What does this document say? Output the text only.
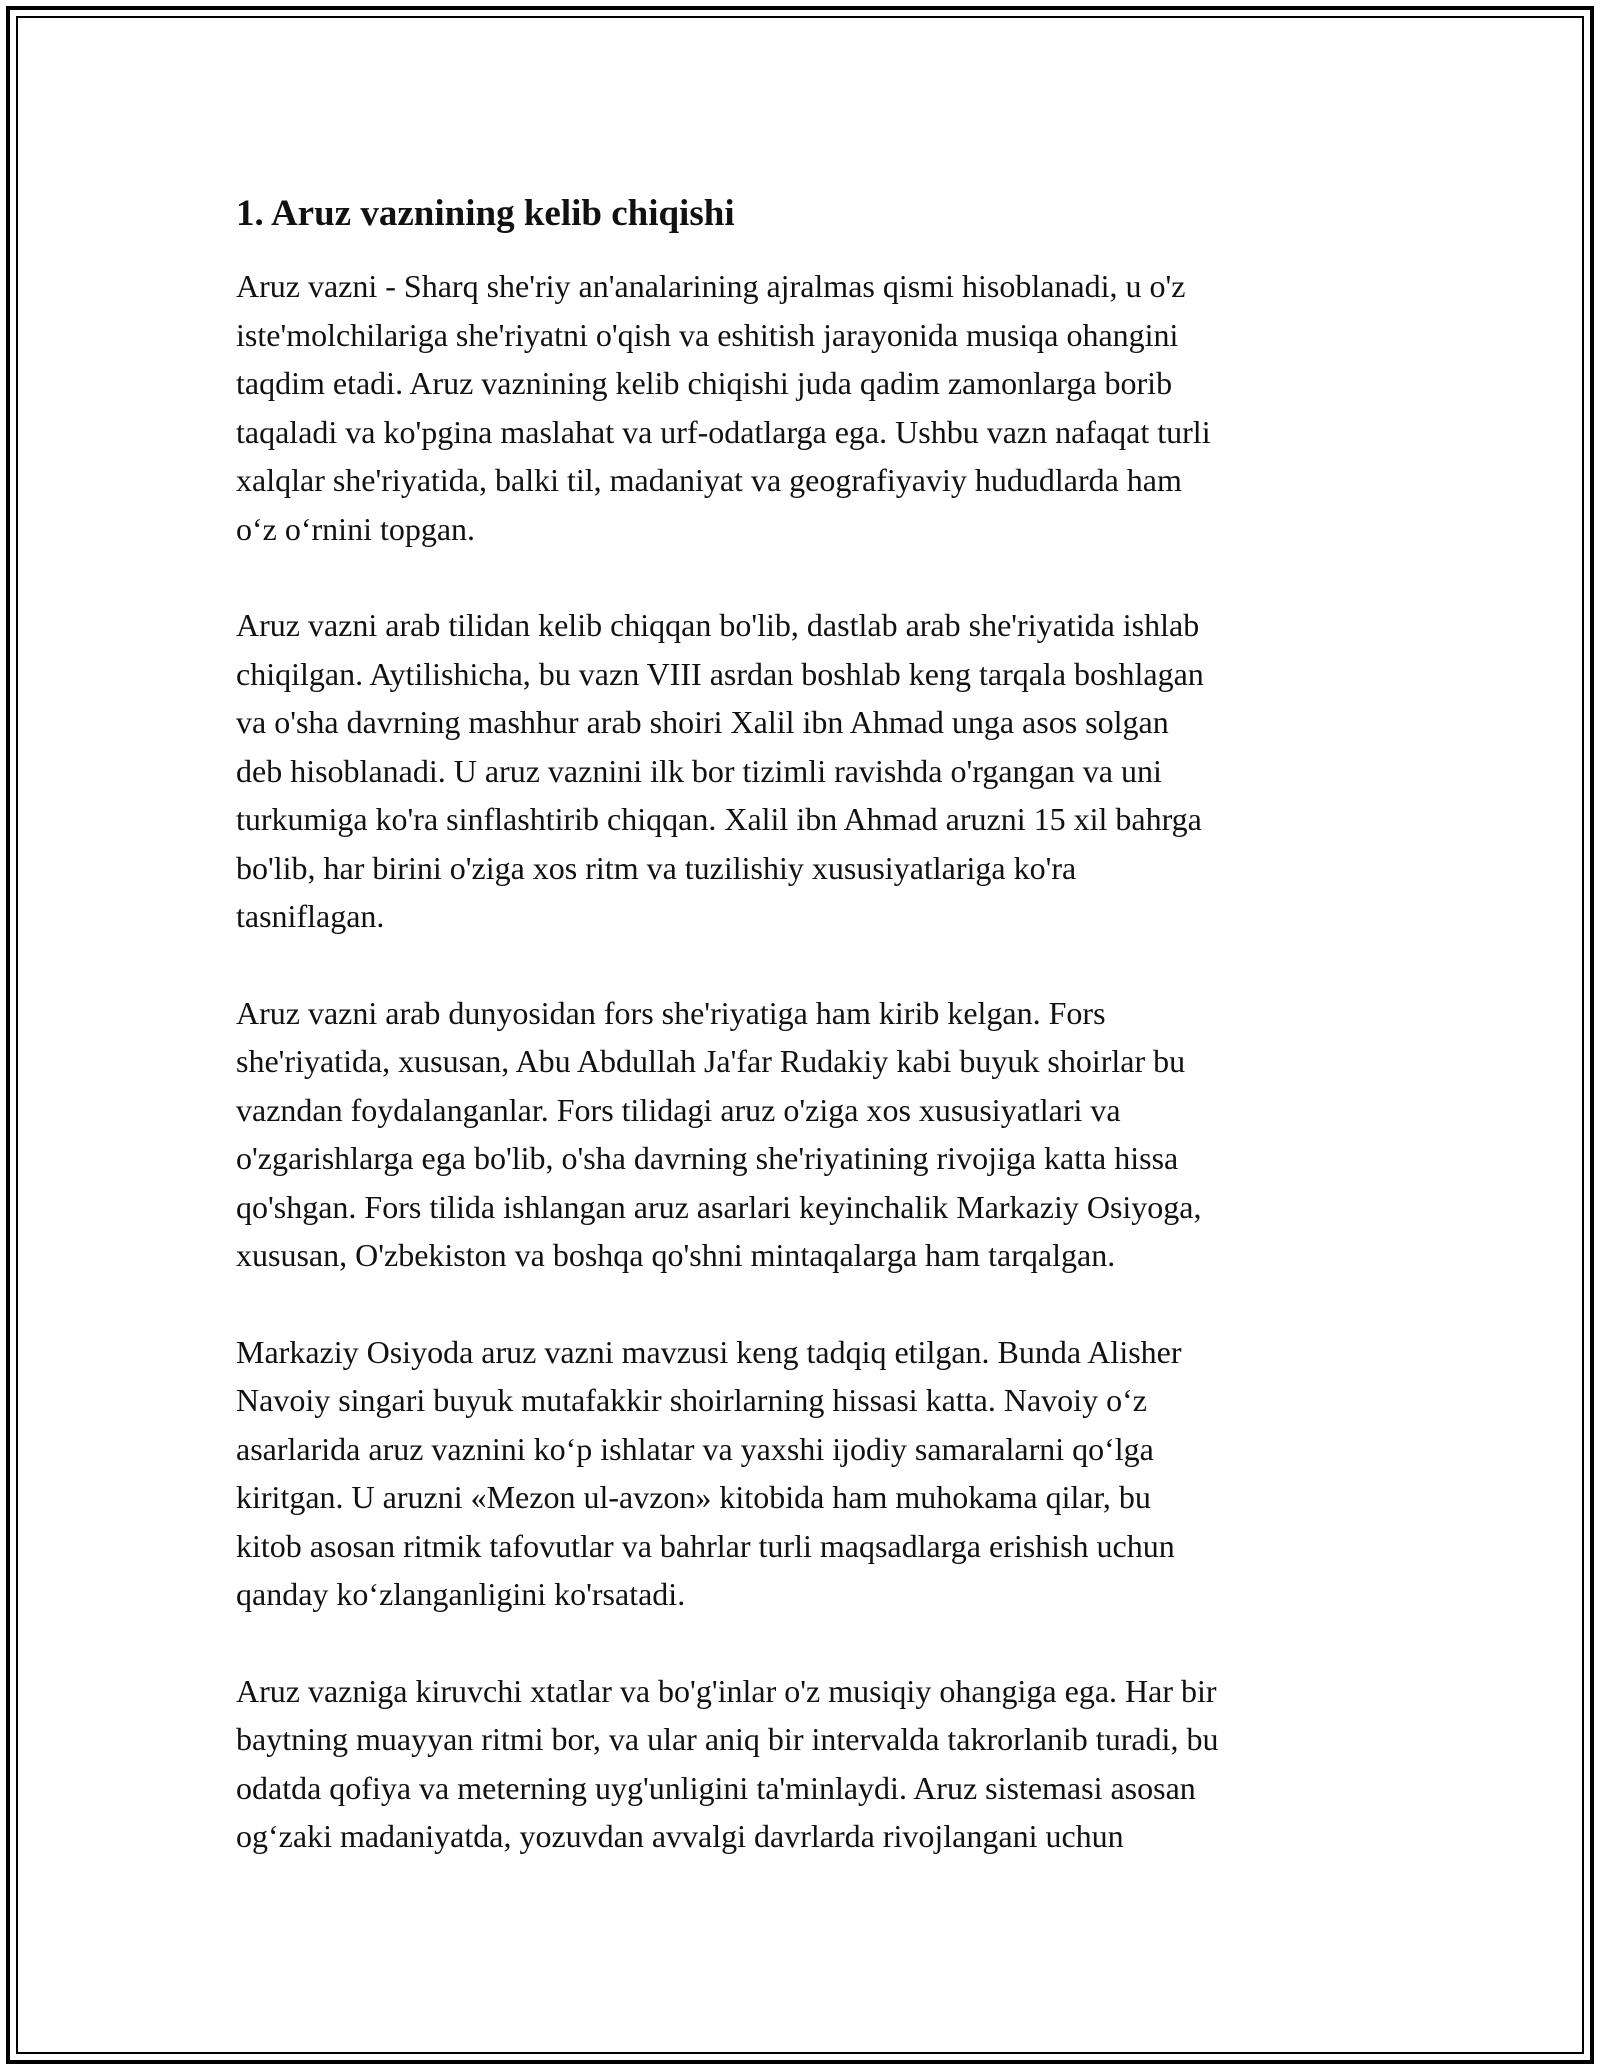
1. Aruz vaznining kelib chiqishi

Aruz vazni - Sharq she'riy an'analarining ajralmas qismi hisoblanadi, u o'z
iste'molchilariga she'riyatni o'qish va eshitish jarayonida musiqa ohangini
taqdim etadi. Aruz vaznining kelib chiqishi juda qadim zamonlarga borib
taqaladi va ko'pgina maslahat va urf-odatlarga ega. Ushbu vazn nafaqat turli
xalqlar she'riyatida, balki til, madaniyat va geografiyaviy hududlarda ham
o‘z o‘rnini topgan.

Aruz vazni arab tilidan kelib chiqqan bo'lib, dastlab arab she'riyatida ishlab
chiqilgan. Aytilishicha, bu vazn VIII asrdan boshlab keng tarqala boshlagan
va o'sha davrning mashhur arab shoiri Xalil ibn Ahmad unga asos solgan
deb hisoblanadi. U aruz vaznini ilk bor tizimli ravishda o'rgangan va uni
turkumiga ko'ra sinflashtirib chiqqan. Xalil ibn Ahmad aruzni 15 xil bahrga
bo'lib, har birini o'ziga xos ritm va tuzilishiy xususiyatlariga ko'ra
tasniflagan.

Aruz vazni arab dunyosidan fors she'riyatiga ham kirib kelgan. Fors
she'riyatida, xususan, Abu Abdullah Ja'far Rudakiy kabi buyuk shoirlar bu
vazndan foydalanganlar. Fors tilidagi aruz o'ziga xos xususiyatlari va
o'zgarishlarga ega bo'lib, o'sha davrning she'riyatining rivojiga katta hissa
qo'shgan. Fors tilida ishlangan aruz asarlari keyinchalik Markaziy Osiyoga,
xususan, O'zbekiston va boshqa qo'shni mintaqalarga ham tarqalgan.

Markaziy Osiyoda aruz vazni mavzusi keng tadqiq etilgan. Bunda Alisher
Navoiy singari buyuk mutafakkir shoirlarning hissasi katta. Navoiy o‘z
asarlarida aruz vaznini ko‘p ishlatar va yaxshi ijodiy samaralarni qo‘lga
kiritgan. U aruzni «Mezon ul-avzon» kitobida ham muhokama qilar, bu
kitob asosan ritmik tafovutlar va bahrlar turli maqsadlarga erishish uchun
qanday ko‘zlanganligini ko'rsatadi.

Aruz vazniga kiruvchi xtatlar va bo'g'inlar o'z musiqiy ohangiga ega. Har bir
baytning muayyan ritmi bor, va ular aniq bir intervalda takrorlanib turadi, bu
odatda qofiya va meterning uyg'unligini ta'minlaydi. Aruz sistemasi asosan
og‘zaki madaniyatda, yozuvdan avvalgi davrlarda rivojlangani uchun
